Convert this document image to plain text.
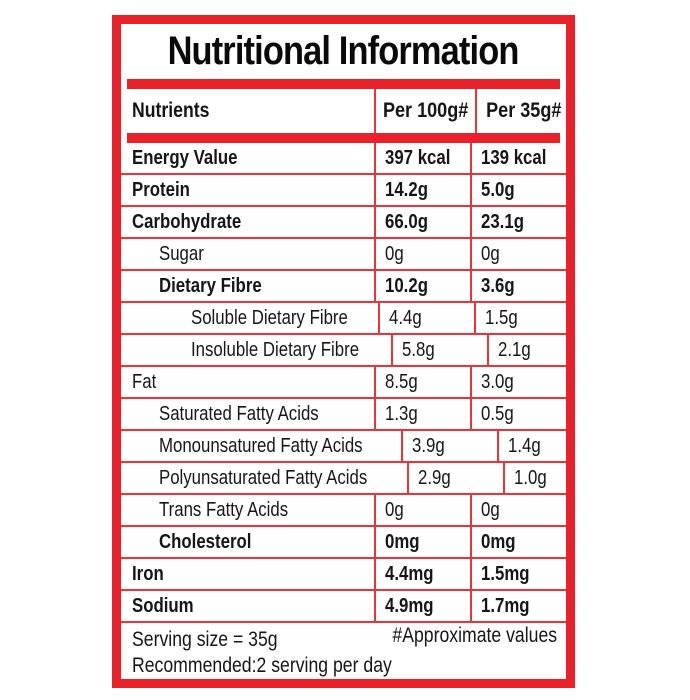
Nutritional Information
Nutrients	Per 100g# Per 35g#
Energy Value	397 kcal 139 kcal
Protein	14.2g	5.0g
Carbohydrate	66.0g	23.1g
Sugar	0g	0g
Dietary Fibre	10.2g	3.6g
Soluble Dietary Fibre 4.4g	1.5g
Insoluble Dietary Fibre 5.8g	2.1g
Fat	8.5g	3.0g
Saturated Fatty Acids	1.3g	0.5g
Monounsatured Fatty Acids 3.9g	1.4g
Polyunsaturated Fatty Acids	2.9g	1.0g
Trans Fatty Acids	0g	0g
Cholesterol	0mg	0mg
Iron	4.4mg 1.5mg
Sodium	4.9mg 1.7mg
Serving size = 35g
Recommended:2 serving per day
#Approximate values
